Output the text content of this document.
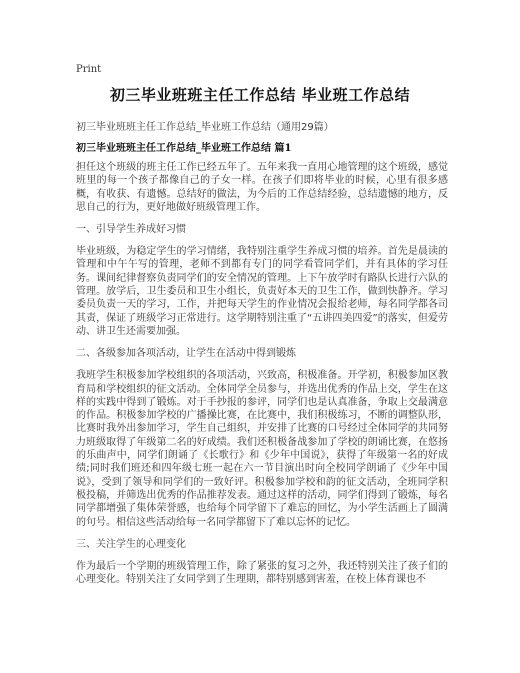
Print
初三毕业班班主任工作总结 毕业班工作总结

初三毕业班班主任工作总结_毕业班工作总结（通用29篇）

初三毕业班班主任工作总结_毕业班工作总结 篇1

担任这个班级的班主任工作已经五年了。五年来我一直用心地管理的这个班级，感觉班里的每一个孩子都像自己的子女一样。在孩子们即将毕业的时候，心里有很多感概，有收获、有遗憾。总结好的做法，为今后的工作总结经验，总结遗憾的地方，反思自己的行为，更好地做好班级管理工作。

一、引导学生养成好习惯

毕业班级，为稳定学生的学习情绪，我特别注重学生养成习惯的培养。首先是晨读的管理和中午午写的管理，老师不到都有专门的同学看管同学们，并有具体的学习任务。课间纪律督察负责同学们的安全情况的管理。上下午放学时有路队长进行六队的管理。放学后，卫生委员和卫生小组长，负责好本天的卫生工作，做到快静齐。学习委员负责一天的学习，工作，并把每天学生的作业情况会报给老师，每名同学都各司其责，保证了班级学习正常进行。这学期特别注重了“五讲四美四爱”的落实，但爱劳动、讲卫生还需要加强。

二、各级参加各项活动，让学生在活动中得到锻炼

我班学生积极参加学校组织的各项活动，兴致高，积极准备。开学初，积极参加区教育局和学校组织的征文活动。全体同学全员参与，并选出优秀的作品上交，学生在这样的实践中得到了锻炼。对于手抄报的参评，同学们也是认真准备，争取上交最满意的作品。积极参加学校的广播操比赛，在比赛中，我们积极练习，不断的调整队形，比赛时我外出参加学习，学生自己组织，并安排了比赛的口号经过全体同学的共同努力班级取得了年级第二名的好成绩。我们还积极备战参加了学校的朗诵比赛，在悠扬的乐曲声中，同学们朗诵了《长歌行》和《少年中国说》，获得了年级第一名的好成绩;同时我们班还和四年级七班一起在六一节目演出时向全校同学朗诵了《少年中国说》，受到了领导和同学们的一致好评。积极参加学校和韵的征文活动，全班同学积极投稿，并筛选出优秀的作品推荐发表。通过这样的活动，同学们得到了锻炼，每名同学都增强了集体荣誉感，也给每个同学留下了难忘的回忆，为小学生活画上了圆满的句号。相信这些活动给每一名同学都留下了难以忘怀的记忆。

三、关注学生的心理变化

作为最后一个学期的班级管理工作，除了紧张的复习之外，我还特别关注了孩子们的心理变化。特别关注了女同学到了生理期，都特别感到害羞，在校上体育课也不
